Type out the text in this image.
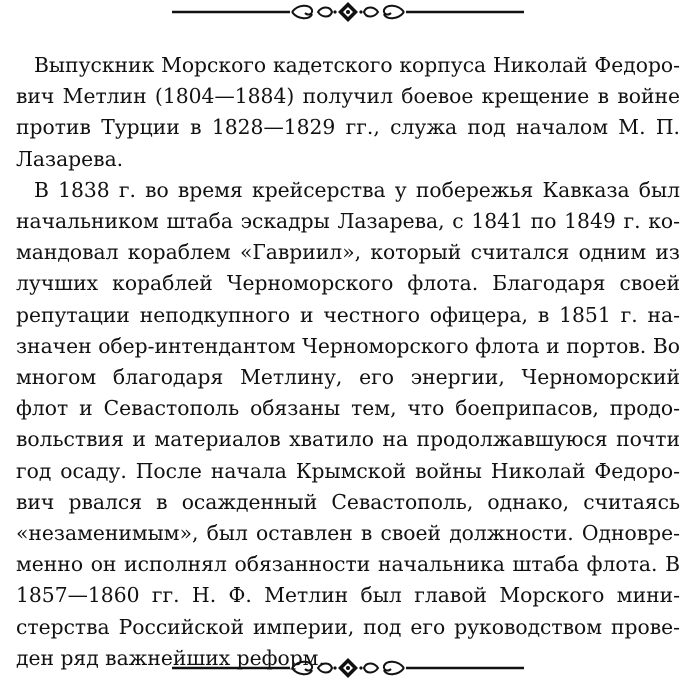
Выпускник Морского кадетского корпуса Николай Федорович Метлин (1804—1884) получил боевое крещение в войне против Турции в 1828—1829 гг., служа под началом М. П. Лазарева.

В 1838 г. во время крейсерства у побережья Кавказа был начальником штаба эскадры Лазарева, с 1841 по 1849 г. командовал кораблем «Гавриил», который считался одним из лучших кораблей Черноморского флота. Благодаря своей репутации неподкупного и честного офицера, в 1851 г. назначен обер-интендантом Черноморского флота и портов. Во многом благодаря Метлину, его энергии, Черноморский флот и Севастополь обязаны тем, что боеприпасов, продовольствия и материалов хватило на продолжавшуюся почти год осаду. После начала Крымской войны Николай Федорович рвался в осажденный Севастополь, однако, считаясь «незаменимым», был оставлен в своей должности. Одновременно он исполнял обязанности начальника штаба флота. В 1857—1860 гг. Н. Ф. Метлин был главой Морского министерства Российской империи, под его руководством проведен ряд важнейших реформ.
